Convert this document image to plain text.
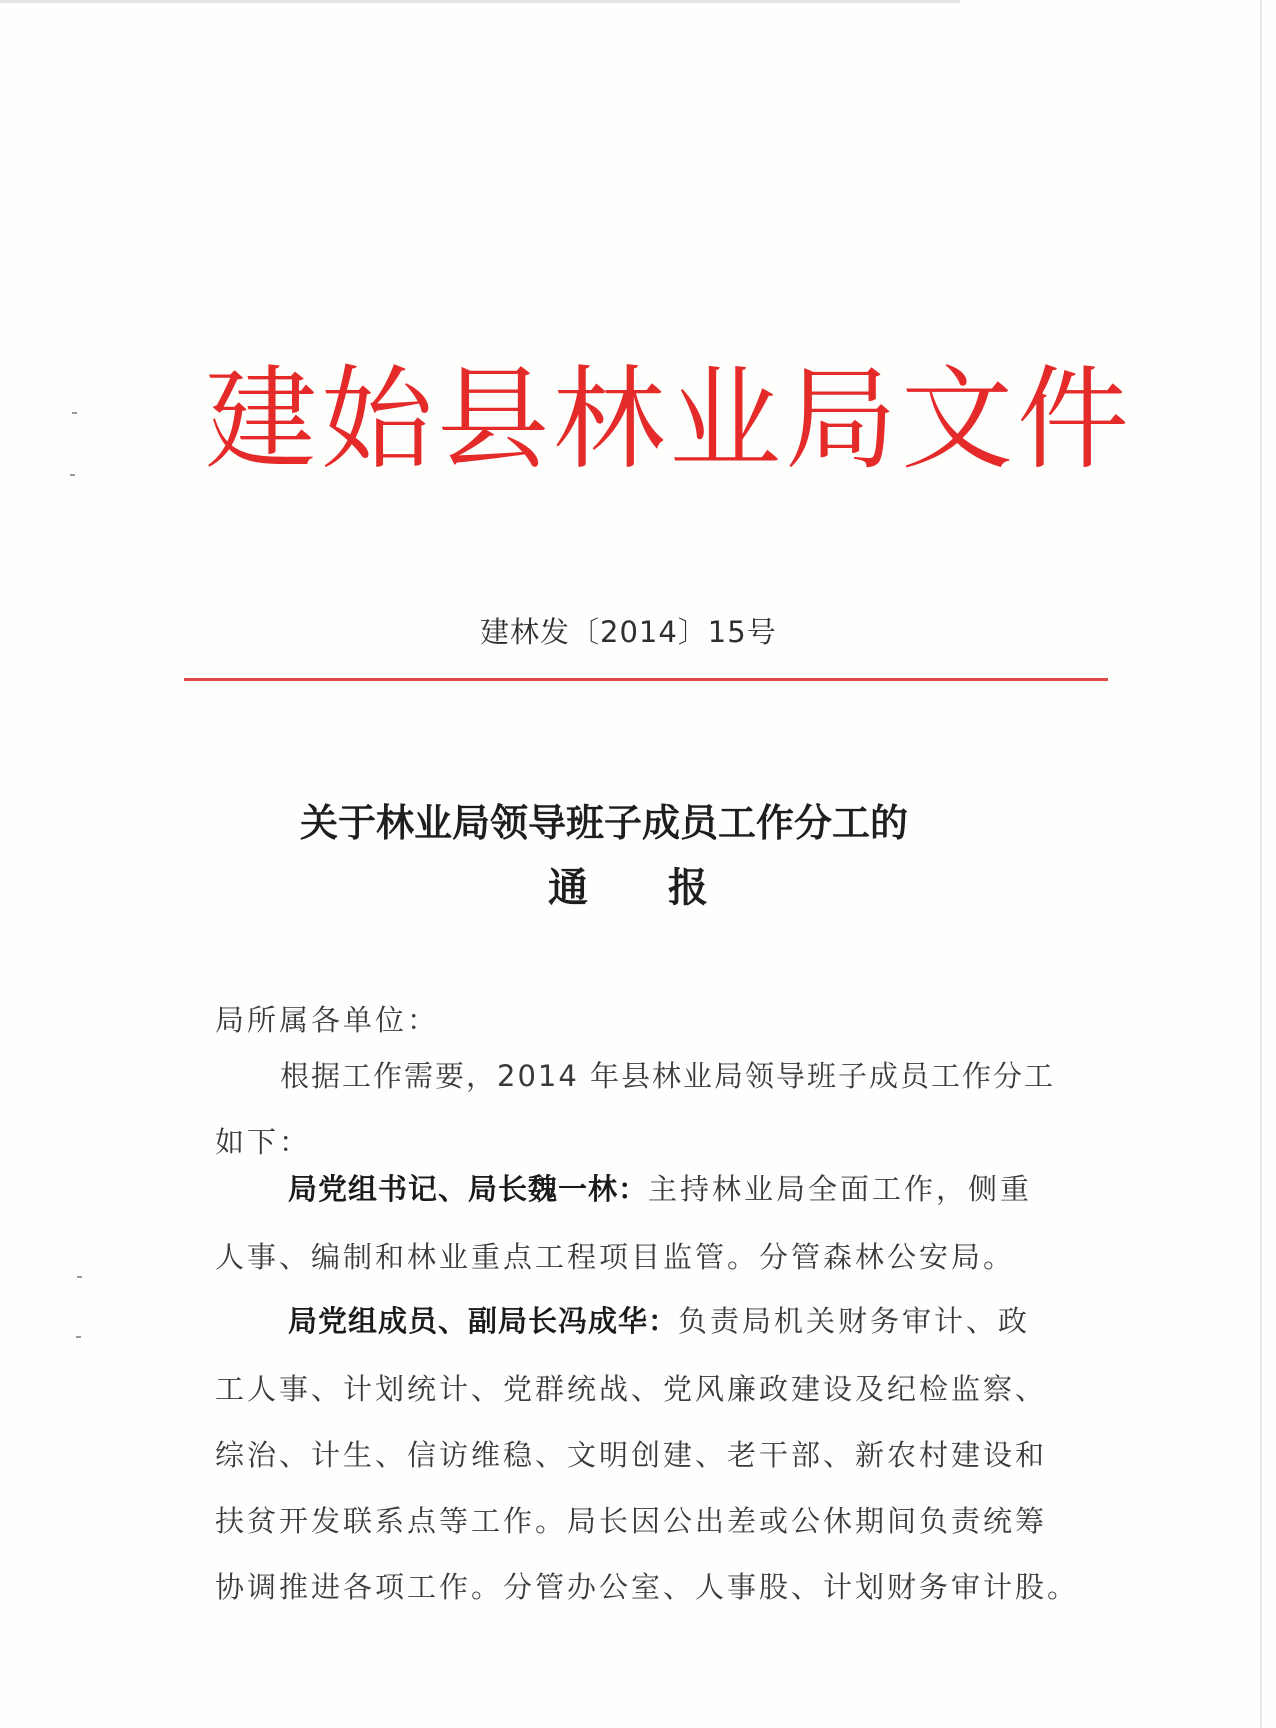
建始县林业局文件
建林发〔2014〕15号
关于林业局领导班子成员工作分工的
通　　报
局所属各单位：
根据工作需要，2014 年县林业局领导班子成员工作分工
如下：
局党组书记、局长魏一林：主持林业局全面工作，侧重
人事、编制和林业重点工程项目监管。分管森林公安局。
局党组成员、副局长冯成华：负责局机关财务审计、政
工人事、计划统计、党群统战、党风廉政建设及纪检监察、
综治、计生、信访维稳、文明创建、老干部、新农村建设和
扶贫开发联系点等工作。局长因公出差或公休期间负责统筹
协调推进各项工作。分管办公室、人事股、计划财务审计股。
